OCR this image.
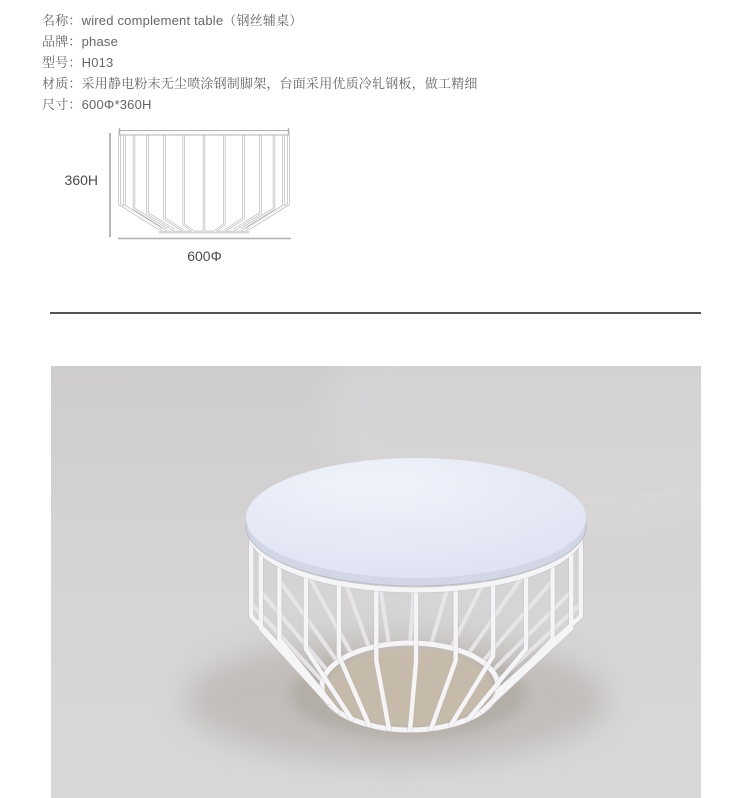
名称：wired complement table（钢丝辅桌）
品牌：phase
型号：H013
材质：采用静电粉末无尘喷涂钢制脚架，台面采用优质冷轧钢板，做工精细
尺寸：600Φ*360H
360H
600Φ
